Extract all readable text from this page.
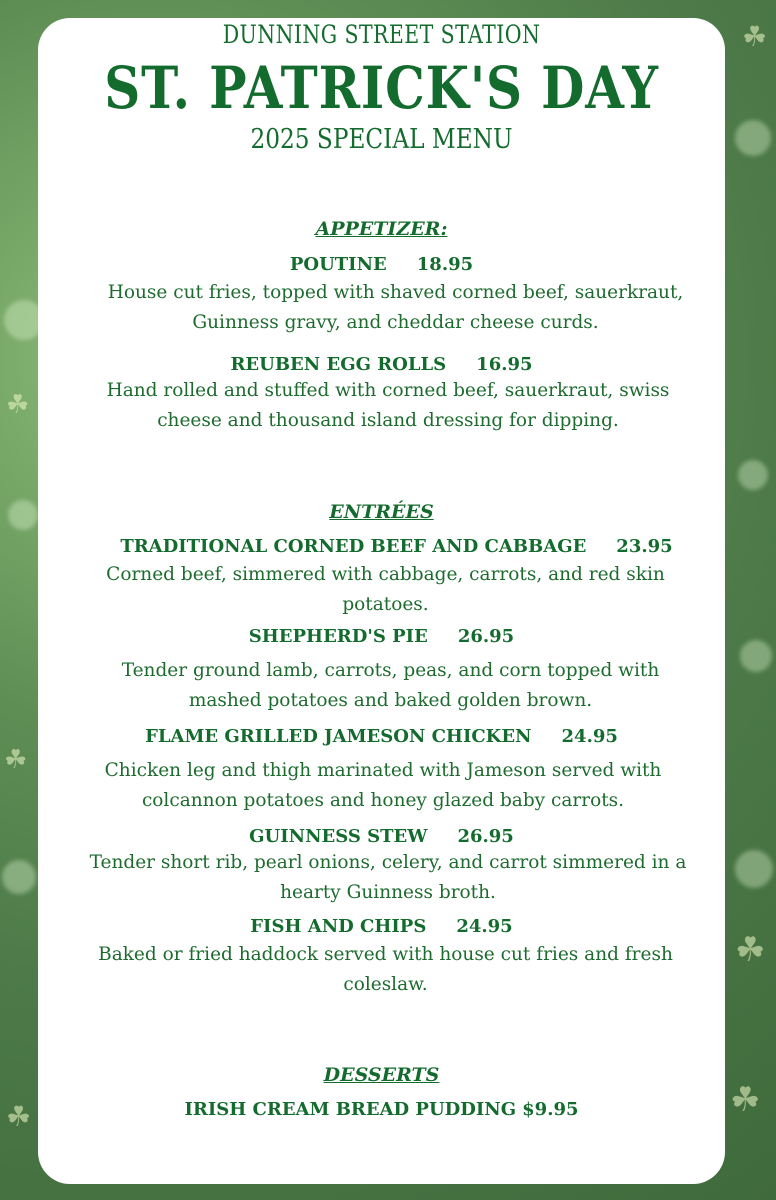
☘
☘
☘
☘
☘
☘
DUNNING STREET STATION
ST. PATRICK'S DAY
2025 SPECIAL MENU
APPETIZER:
POUTINE 18.95
House cut fries, topped with shaved corned beef, sauerkraut, Guinness gravy, and cheddar cheese curds.
REUBEN EGG ROLLS 16.95
Hand rolled and stuffed with corned beef, sauerkraut, swiss cheese and thousand island dressing for dipping.
ENTRÉES
TRADITIONAL CORNED BEEF AND CABBAGE 23.95
Corned beef, simmered with cabbage, carrots, and red skin potatoes.
SHEPHERD'S PIE 26.95
Tender ground lamb, carrots, peas, and corn topped with mashed potatoes and baked golden brown.
FLAME GRILLED JAMESON CHICKEN 24.95
Chicken leg and thigh marinated with Jameson served with colcannon potatoes and honey glazed baby carrots.
GUINNESS STEW 26.95
Tender short rib, pearl onions, celery, and carrot simmered in a hearty Guinness broth.
FISH AND CHIPS 24.95
Baked or fried haddock served with house cut fries and fresh coleslaw.
DESSERTS
IRISH CREAM BREAD PUDDING $9.95
